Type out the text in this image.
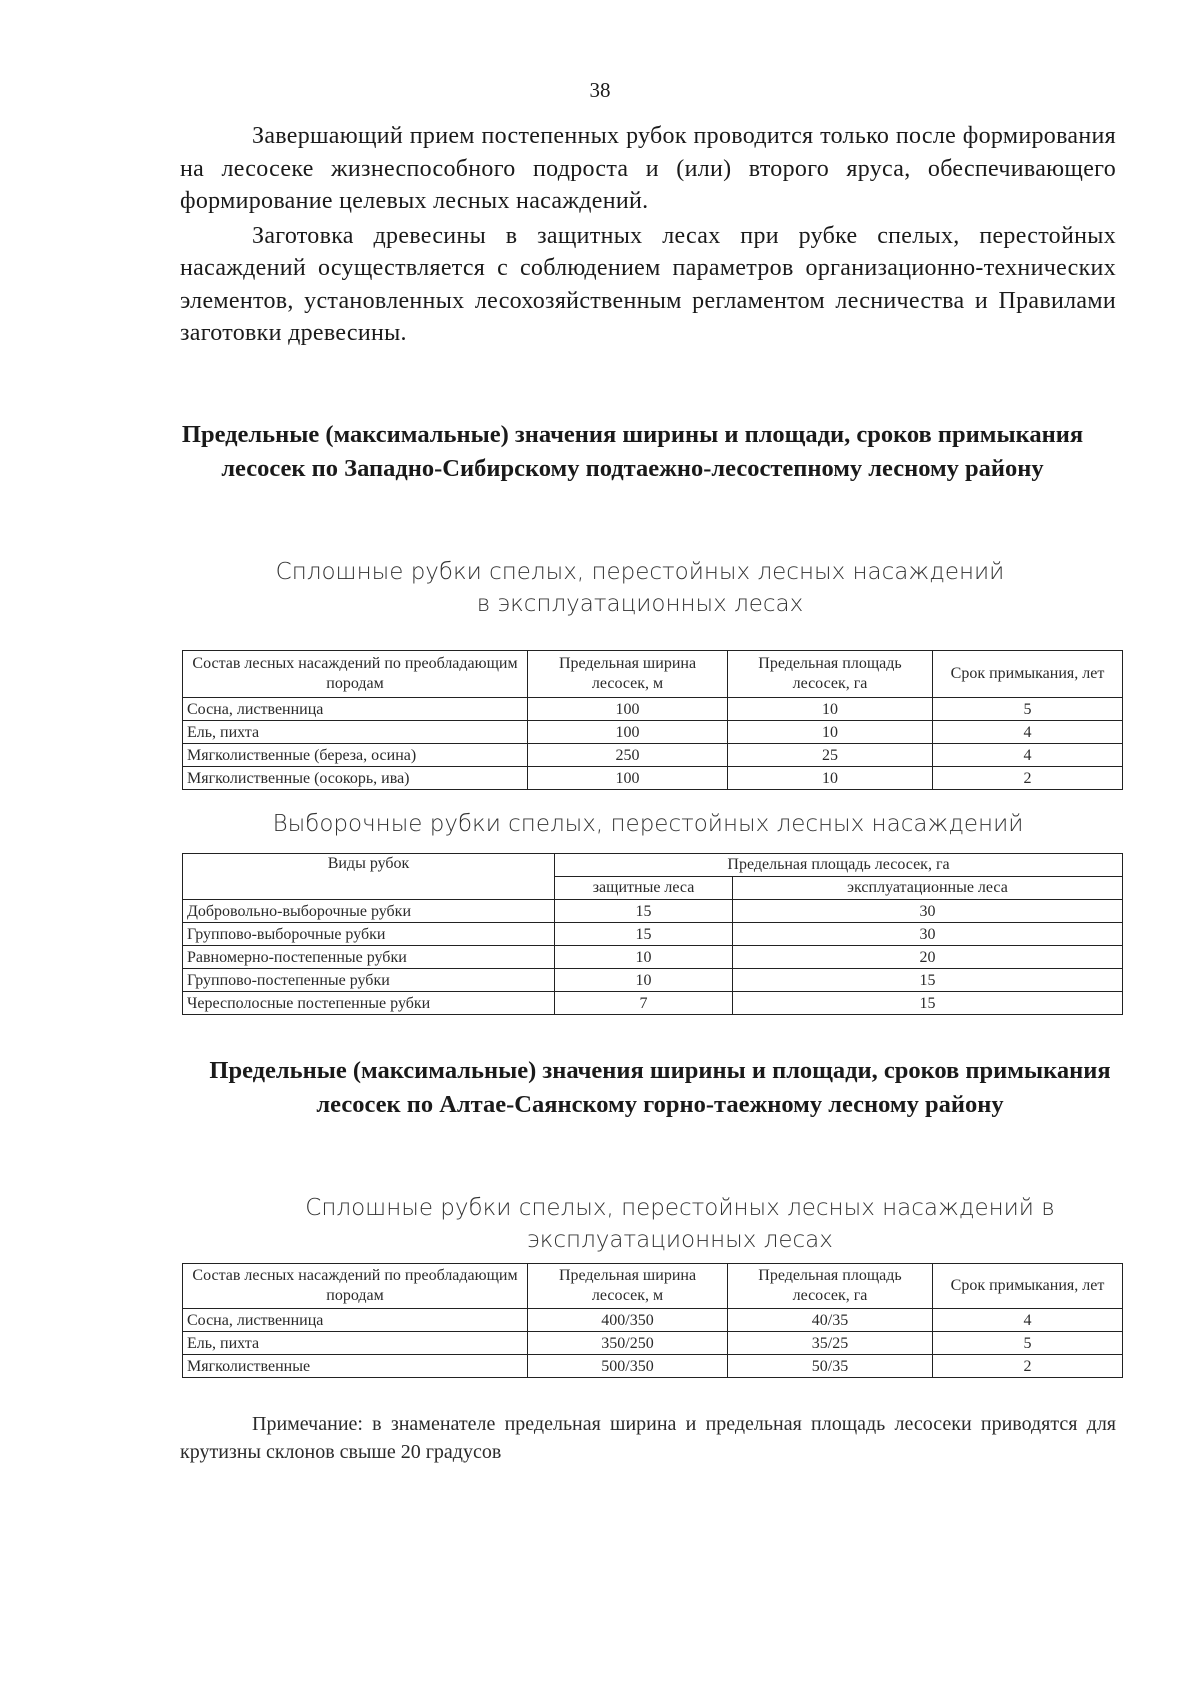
38

Завершающий прием постепенных рубок проводится только после формирования на лесосеке жизнеспособного подроста и (или) второго яруса, обеспечивающего формирование целевых лесных насаждений.

Заготовка древесины в защитных лесах при рубке спелых, перестойных насаждений осуществляется с соблюдением параметров организационно-технических элементов, установленных лесохозяйственным регламентом лесничества и Правилами заготовки древесины.

Предельные (максимальные) значения ширины и площади, сроков примыкания лесосек по Западно-Сибирскому подтаежно-лесостепному лесному району
Сплошные рубки спелых, перестойных лесных насаждений
в эксплуатационных лесах
Состав лесных насаждений по преобладающим породам	Предельная ширина лесосек, м	Предельная площадь лесосек, га	Срок примыкания, лет
Сосна, лиственница	100	10	5
Ель, пихта	100	10	4
Мягколиственные (береза, осина)	250	25	4
Мягколиственные (осокорь, ива)	100	10	2
Выборочные рубки спелых, перестойных лесных насаждений
Виды рубок	Предельная площадь лесосек, га	
	защитные леса	эксплуатационные леса
Добровольно-выборочные рубки	15	30
Группово-выборочные рубки	15	30
Равномерно-постепенные рубки	10	20
Группово-постепенные рубки	10	15
Чересполосные постепенные рубки	7	15
Предельные (максимальные) значения ширины и площади, сроков примыкания лесосек по Алтае-Саянскому горно-таежному лесному району
Сплошные рубки спелых, перестойных лесных насаждений в
эксплуатационных лесах
Состав лесных насаждений по преобладающим породам	Предельная ширина лесосек, м	Предельная площадь лесосек, га	Срок примыкания, лет
Сосна, лиственница	400/350	40/35	4
Ель, пихта	350/250	35/25	5
Мягколиственные	500/350	50/35	2

Примечание: в знаменателе предельная ширина и предельная площадь лесосеки приводятся для крутизны склонов свыше 20 градусов
